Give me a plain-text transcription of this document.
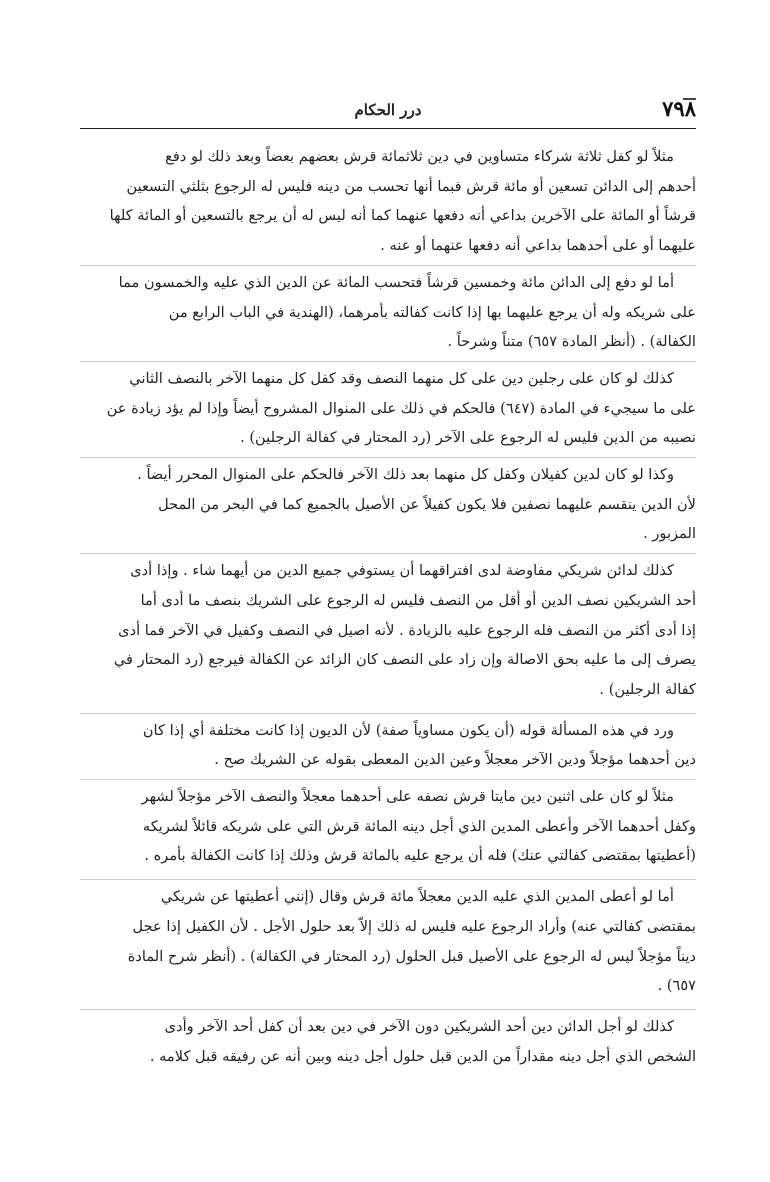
٧٩٨
درر الحكام

مثلاً لو كفل ثلاثة شركاء متساوين في دين ثلاثمائة قرش بعضهم بعضاً وبعد ذلك لو دفع
أحدهم إلى الدائن تسعين أو مائة قرش فبما أنها تحسب من دينه فليس له الرجوع بثلثي التسعين
قرشاً أو المائة على الآخرين بداعي أنه دفعها عنهما كما أنه ليس له أن يرجع بالتسعين أو المائة كلها
عليهما أو على أحدهما بداعي أنه دفعها عنهما أو عنه .

أما لو دفع إلى الدائن مائة وخمسين قرشاً فتحسب المائة عن الدين الذي عليه والخمسون مما
على شريكه وله أن يرجع عليهما بها إذا كانت كفالته بأمرهما، (الهندية في الباب الرابع من
الكفالة) . (أنظر المادة ٦٥٧) متناً وشرحاً .

كذلك لو كان على رجلين دين على كل منهما النصف وقد كفل كل منهما الآخر بالنصف الثاني
على ما سيجيء في المادة (٦٤٧) فالحكم في ذلك على المنوال المشروح أيضاً وإذا لم يؤد زيادة عن
نصيبه من الدين فليس له الرجوع على الآخر (رد المحتار في كفالة الرجلين) .

وكذا لو كان لدين كفيلان وكفل كل منهما بعد ذلك الآخر فالحكم على المنوال المحرر أيضاً .
لأن الدين ينقسم عليهما نصفين فلا يكون كفيلاً عن الأصيل بالجميع كما في البحر من المحل
المزبور .

كذلك لدائن شريكي مفاوضة لدى افتراقهما أن يستوفي جميع الدين من أيهما شاء . وإذا أدى
أحد الشريكين نصف الدين أو أقل من النصف فليس له الرجوع على الشريك بنصف ما أدى أما
إذا أدى أكثر من النصف فله الرجوع عليه بالزيادة . لأنه اصيل في النصف وكفيل في الآخر فما أدى
يصرف إلى ما عليه بحق الاصالة وإن زاد على النصف كان الزائد عن الكفالة فيرجع (رد المحتار في
كفالة الرجلين) .

ورد في هذه المسألة قوله (أن يكون مساوياً صفة) لأن الديون إذا كانت مختلفة أي إذا كان
دين أحدهما مؤجلاً ودين الآخر معجلاً وعين الدين المعطى بقوله عن الشريك صح .

مثلاً لو كان على اثنين دين مايتا قرش نصفه على أحدهما معجلاً والنصف الآخر مؤجلاً لشهر
وكفل أحدهما الآخر وأعطى المدين الذي أجل دينه المائة قرش التي على شريكه قائلاً لشريكه
(أعطيتها بمقتضى كفالتي عنك) فله أن يرجع عليه بالمائة قرش وذلك إذا كانت الكفالة بأمره .

أما لو أعطى المدين الذي عليه الدين معجلاً مائة قرش وقال (إنني أعطيتها عن شريكي
بمقتضى كفالتي عنه) وأراد الرجوع عليه فليس له ذلك إلاّ بعد حلول الأجل . لأن الكفيل إذا عجل
ديناً مؤجلاً ليس له الرجوع على الأصيل قبل الحلول (رد المحتار في الكفالة) . (أنظر شرح المادة
٦٥٧) .

كذلك لو أجل الدائن دين أحد الشريكين دون الآخر في دين بعد أن كفل أحد الآخر وأدى
الشخص الذي أجل دينه مقداراً من الدين قبل حلول أجل دينه وبين أنه عن رفيقه قبل كلامه .
